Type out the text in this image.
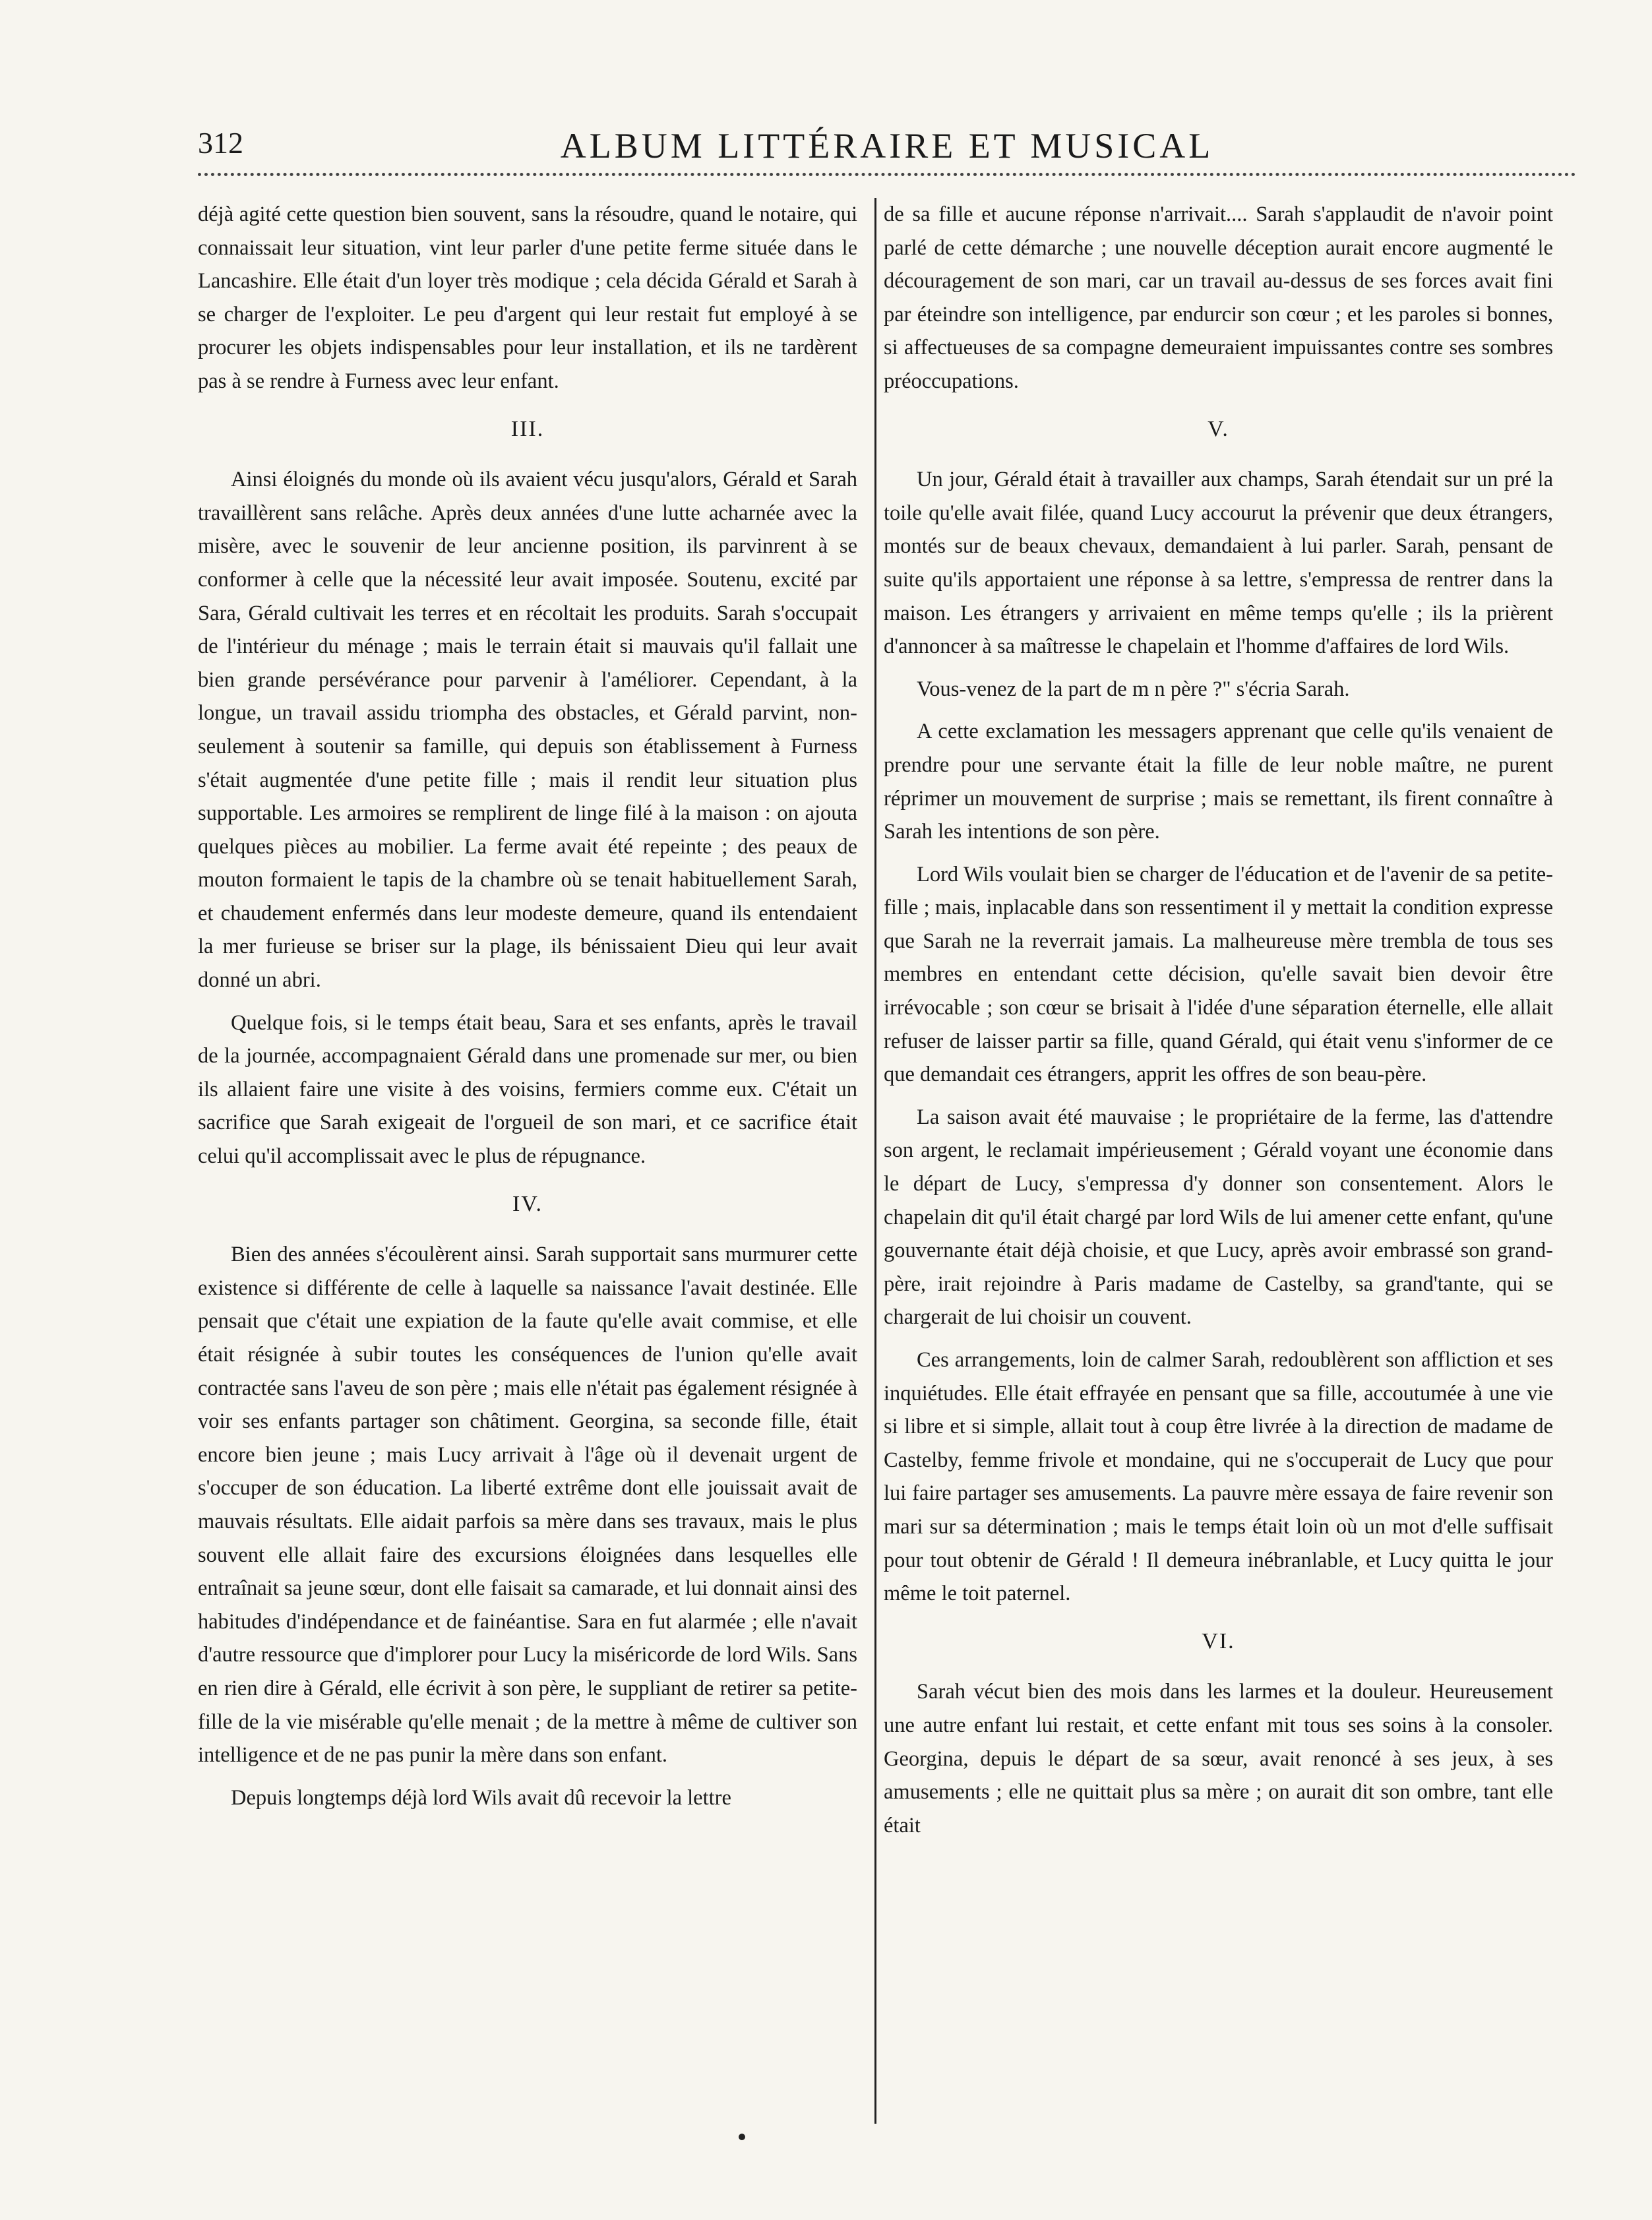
312	ALBUM LITTÉRAIRE ET MUSICAL

déjà agité cette question bien souvent, sans la résoudre, quand le notaire, qui connaissait leur situation, vint leur parler d'une petite ferme située dans le Lancashire. Elle était d'un loyer très modique ; cela décida Gérald et Sarah à se charger de l'exploiter. Le peu d'argent qui leur restait fut employé à se procurer les objets indispensables pour leur installation, et ils ne tardèrent pas à se rendre à Furness avec leur enfant.

III.

Ainsi éloignés du monde où ils avaient vécu jusqu'alors, Gérald et Sarah travaillèrent sans relâche. Après deux années d'une lutte acharnée avec la misère, avec le souvenir de leur ancienne position, ils parvinrent à se conformer à celle que la nécessité leur avait imposée. Soutenu, excité par Sara, Gérald cultivait les terres et en récoltait les produits. Sarah s'occupait de l'intérieur du ménage ; mais le terrain était si mauvais qu'il fallait une bien grande persévérance pour parvenir à l'améliorer. Cependant, à la longue, un travail assidu triompha des obstacles, et Gérald parvint, non-seulement à soutenir sa famille, qui depuis son établissement à Furness s'était augmentée d'une petite fille ; mais il rendit leur situation plus supportable. Les armoires se remplirent de linge filé à la maison : on ajouta quelques pièces au mobilier. La ferme avait été repeinte ; des peaux de mouton formaient le tapis de la chambre où se tenait habituellement Sarah, et chaudement enfermés dans leur modeste demeure, quand ils entendaient la mer furieuse se briser sur la plage, ils bénissaient Dieu qui leur avait donné un abri.

Quelque fois, si le temps était beau, Sara et ses enfants, après le travail de la journée, accompagnaient Gérald dans une promenade sur mer, ou bien ils allaient faire une visite à des voisins, fermiers comme eux. C'était un sacrifice que Sarah exigeait de l'orgueil de son mari, et ce sacrifice était celui qu'il accomplissait avec le plus de répugnance.

IV.

Bien des années s'écoulèrent ainsi. Sarah supportait sans murmurer cette existence si différente de celle à laquelle sa naissance l'avait destinée. Elle pensait que c'était une expiation de la faute qu'elle avait commise, et elle était résignée à subir toutes les conséquences de l'union qu'elle avait contractée sans l'aveu de son père ; mais elle n'était pas également résignée à voir ses enfants partager son châtiment. Georgina, sa seconde fille, était encore bien jeune ; mais Lucy arrivait à l'âge où il devenait urgent de s'occuper de son éducation. La liberté extrême dont elle jouissait avait de mauvais résultats. Elle aidait parfois sa mère dans ses travaux, mais le plus souvent elle allait faire des excursions éloignées dans lesquelles elle entraînait sa jeune sœur, dont elle faisait sa camarade, et lui donnait ainsi des habitudes d'indépendance et de fainéantise. Sara en fut alarmée ; elle n'avait d'autre ressource que d'implorer pour Lucy la miséricorde de lord Wils. Sans en rien dire à Gérald, elle écrivit à son père, le suppliant de retirer sa petite-fille de la vie misérable qu'elle menait ; de la mettre à même de cultiver son intelligence et de ne pas punir la mère dans son enfant.

Depuis longtemps déjà lord Wils avait dû recevoir la lettre

de sa fille et aucune réponse n'arrivait.... Sarah s'applaudit de n'avoir point parlé de cette démarche ; une nouvelle déception aurait encore augmenté le découragement de son mari, car un travail au-dessus de ses forces avait fini par éteindre son intelligence, par endurcir son cœur ; et les paroles si bonnes, si affectueuses de sa compagne demeuraient impuissantes contre ses sombres préoccupations.

V.

Un jour, Gérald était à travailler aux champs, Sarah étendait sur un pré la toile qu'elle avait filée, quand Lucy accourut la prévenir que deux étrangers, montés sur de beaux chevaux, demandaient à lui parler. Sarah, pensant de suite qu'ils apportaient une réponse à sa lettre, s'empressa de rentrer dans la maison. Les étrangers y arrivaient en même temps qu'elle ; ils la prièrent d'annoncer à sa maîtresse le chapelain et l'homme d'affaires de lord Wils.

Vous-venez de la part de m n père ?" s'écria Sarah.

A cette exclamation les messagers apprenant que celle qu'ils venaient de prendre pour une servante était la fille de leur noble maître, ne purent réprimer un mouvement de surprise ; mais se remettant, ils firent connaître à Sarah les intentions de son père.

Lord Wils voulait bien se charger de l'éducation et de l'avenir de sa petite-fille ; mais, inplacable dans son ressentiment il y mettait la condition expresse que Sarah ne la reverrait jamais. La malheureuse mère trembla de tous ses membres en entendant cette décision, qu'elle savait bien devoir être irrévocable ; son cœur se brisait à l'idée d'une séparation éternelle, elle allait refuser de laisser partir sa fille, quand Gérald, qui était venu s'informer de ce que demandait ces étrangers, apprit les offres de son beau-père.

La saison avait été mauvaise ; le propriétaire de la ferme, las d'attendre son argent, le reclamait impérieusement ; Gérald voyant une économie dans le départ de Lucy, s'empressa d'y donner son consentement. Alors le chapelain dit qu'il était chargé par lord Wils de lui amener cette enfant, qu'une gouvernante était déjà choisie, et que Lucy, après avoir embrassé son grand-père, irait rejoindre à Paris madame de Castelby, sa grand'tante, qui se chargerait de lui choisir un couvent.

Ces arrangements, loin de calmer Sarah, redoublèrent son affliction et ses inquiétudes. Elle était effrayée en pensant que sa fille, accoutumée à une vie si libre et si simple, allait tout à coup être livrée à la direction de madame de Castelby, femme frivole et mondaine, qui ne s'occuperait de Lucy que pour lui faire partager ses amusements. La pauvre mère essaya de faire revenir son mari sur sa détermination ; mais le temps était loin où un mot d'elle suffisait pour tout obtenir de Gérald ! Il demeura inébranlable, et Lucy quitta le jour même le toit paternel.

VI.

Sarah vécut bien des mois dans les larmes et la douleur. Heureusement une autre enfant lui restait, et cette enfant mit tous ses soins à la consoler. Georgina, depuis le départ de sa sœur, avait renoncé à ses jeux, à ses amusements ; elle ne quittait plus sa mère ; on aurait dit son ombre, tant elle était
